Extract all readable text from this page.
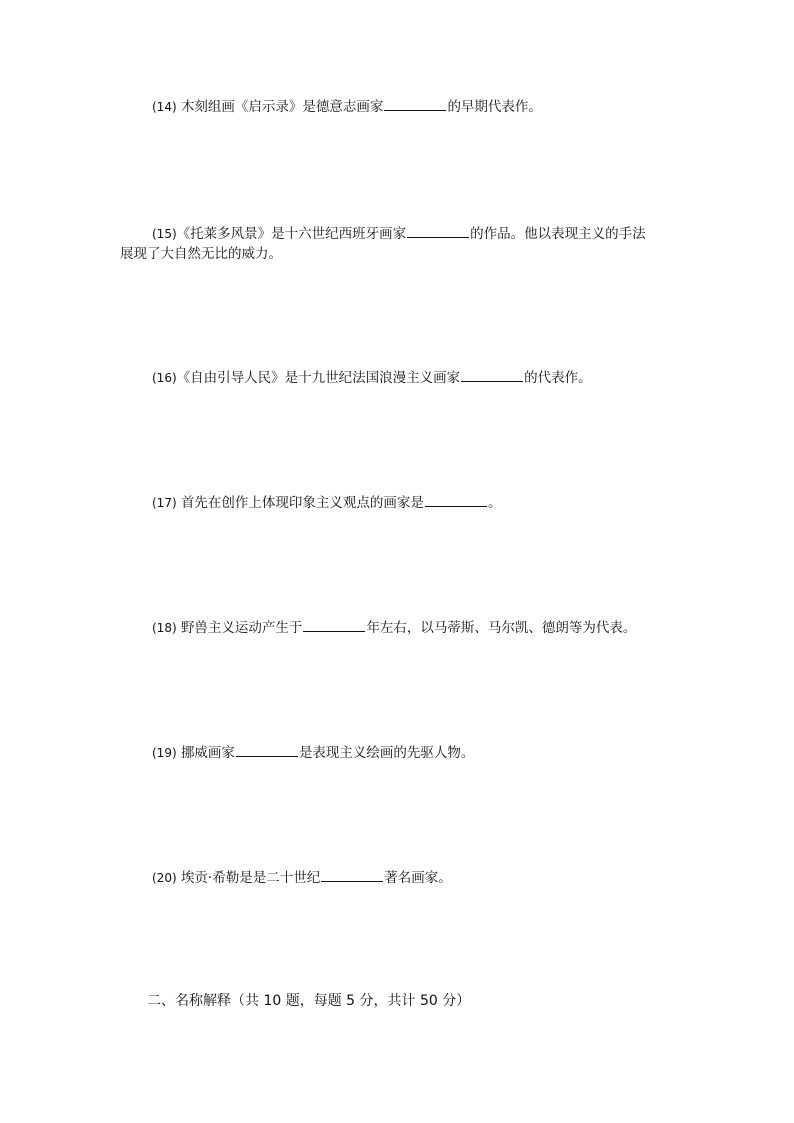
(14) 木刻组画《启示录》是德意志画家	的早期代表作。
(15)《托莱多风景》是十六世纪西班牙画家	的作品。他以表现主义的手法
展现了大自然无比的威力。
(16)《自由引导人民》是十九世纪法国浪漫主义画家	的代表作。
(17) 首先在创作上体现印象主义观点的画家是	。
(18) 野兽主义运动产生于	年左右，以马蒂斯、马尔凯、德朗等为代表。
(19) 挪威画家	是表现主义绘画的先驱人物。
(20) 埃贡·希勒是是二十世纪	著名画家。
二、名称解释（共 10 题，每题 5 分，共计 50 分）
